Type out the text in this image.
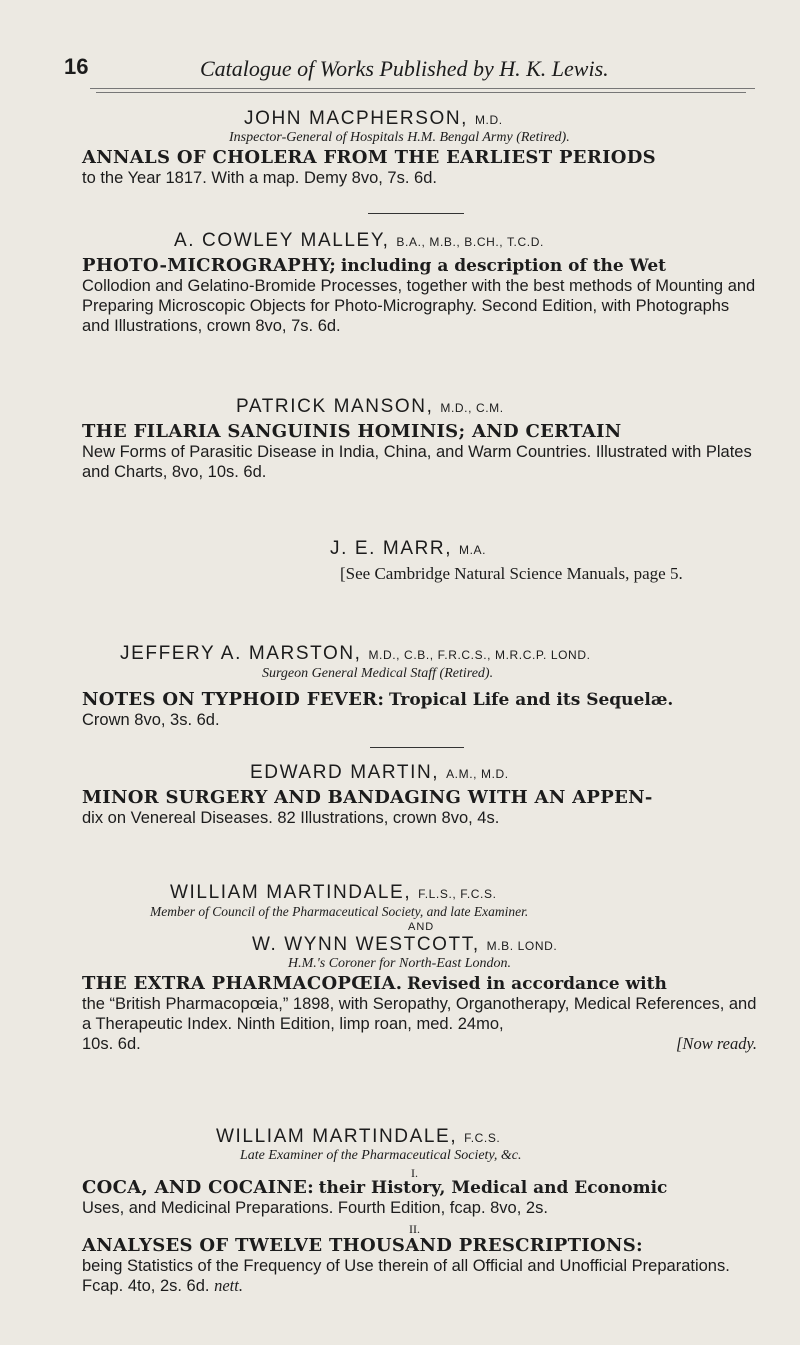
16	Catalogue of Works Published by H. K. Lewis.
JOHN MACPHERSON, M.D.
Inspector-General of Hospitals H.M. Bengal Army (Retired).
ANNALS OF CHOLERA FROM THE EARLIEST PERIODS
to the Year 1817. With a map. Demy 8vo, 7s. 6d.
A. COWLEY MALLEY, B.A., M.B., B.CH., T.C.D.
PHOTO-MICROGRAPHY; including a description of the Wet
Collodion and Gelatino-Bromide Processes, together with the best methods of Mounting and Preparing Microscopic Objects for Photo-Micrography. Second Edition, with Photographs and Illustrations, crown 8vo, 7s. 6d.
PATRICK MANSON, M.D., C.M.
THE FILARIA SANGUINIS HOMINIS; AND CERTAIN
New Forms of Parasitic Disease in India, China, and Warm Countries. Illustrated with Plates and Charts, 8vo, 10s. 6d.
J. E. MARR, M.A.
[See Cambridge Natural Science Manuals, page 5.
JEFFERY A. MARSTON, M.D., C.B., F.R.C.S., M.R.C.P. LOND.
Surgeon General Medical Staff (Retired).
NOTES ON TYPHOID FEVER: Tropical Life and its Sequelæ.
Crown 8vo, 3s. 6d.
EDWARD MARTIN, A.M., M.D.
MINOR SURGERY AND BANDAGING WITH AN APPEN-
dix on Venereal Diseases. 82 Illustrations, crown 8vo, 4s.
WILLIAM MARTINDALE, F.L.S., F.C.S.
Member of Council of the Pharmaceutical Society, and late Examiner.
AND
W. WYNN WESTCOTT, M.B. LOND.
H.M.'s Coroner for North-East London.
THE EXTRA PHARMACOPŒIA. Revised in accordance with
the “British Pharmacopœia,” 1898, with Seropathy, Organotherapy, Medical References, and a Therapeutic Index. Ninth Edition, limp roan, med. 24mo,
10s. 6d.	[Now ready.
WILLIAM MARTINDALE, F.C.S.
Late Examiner of the Pharmaceutical Society, &c.
I.
COCA, AND COCAINE: their History, Medical and Economic
Uses, and Medicinal Preparations. Fourth Edition, fcap. 8vo, 2s.
II.
ANALYSES OF TWELVE THOUSAND PRESCRIPTIONS:
being Statistics of the Frequency of Use therein of all Official and Unofficial Preparations. Fcap. 4to, 2s. 6d. nett.
